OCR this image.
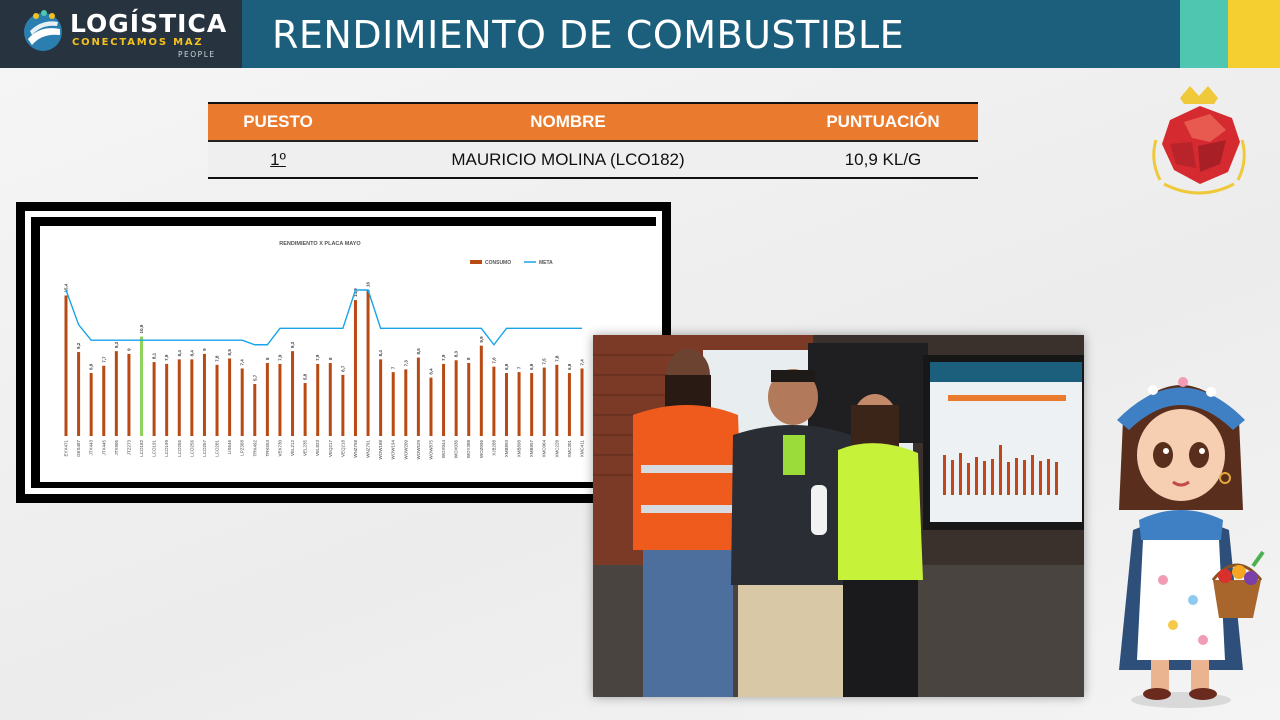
LOGÍSTICA
CONECTAMOS MAZ
PEOPLE RENDIMIENTO DE COMBUSTIBLE
PUESTO	NOMBRE	PUNTUACIÓN
1º	MAURICIO MOLINA (LCO182)	10,9 KL/G
RENDIMIENTO X PLACA MAYO
CONSUMO	META
15,4
9,2
6,9
7,7
9,3
9
10,9
8,1 7,9
8,4 8,4
9
7,8
8,5
7,4
5,7
8 7,9
9,3
5,8
7,9 8
6,7
14,9
16
8,4
7
7,3
8,6
6,4
7,9
8,3
8
9,9
7,6
6,9 7 6,9
7,5 7,8
6,9
7,4
EYX471 GES487 JTX443 JTX445 JTX905 JTZ273 LCO182 LCO191 LCO199 LCO255 LCO256 LCO257 LCO281 LIS646 LPZ368 TRK492 TRK553 VEK730 VEL212 VEL235 VEL823 VEQ217 VEQ218 WNZ758 WNZ791 WOW188 WOW194 WOW209 WOW529 WOW875 WOX044 WOX036 WOY388 WOZ096 XJB288 XMB893 XMB898 XMB957 XMC064 XMC228 XMC301 XMC411
